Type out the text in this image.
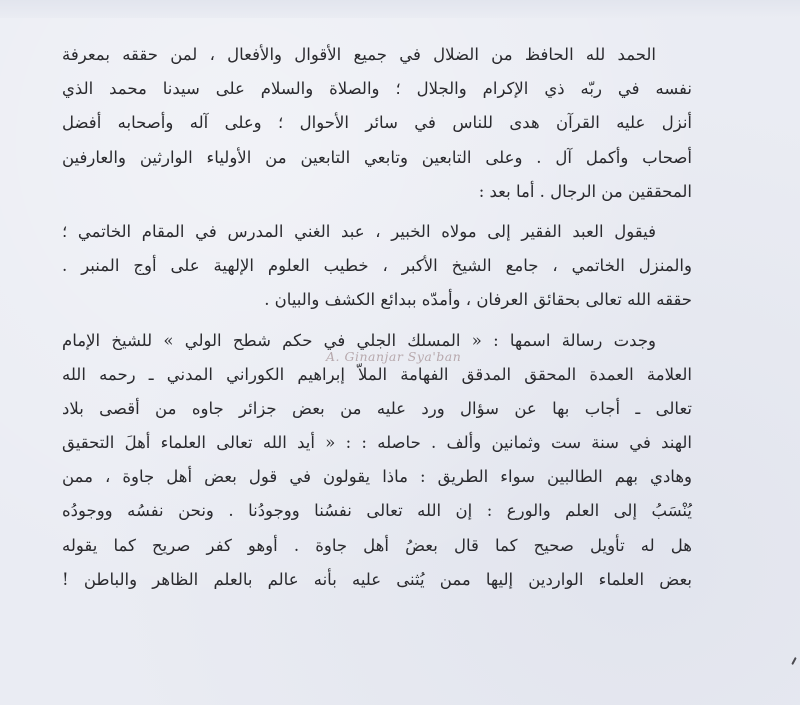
الحمد لله الحافظ من الضلال في جميع الأقوال والأفعال ، لمن حققه بمعرفة
نفسه في ربّه ذي الإكرام والجلال ؛ والصلاة والسلام على سيدنا محمد الذي
أنزل عليه القرآن هدى للناس في سائر الأحوال ؛ وعلى آله وأصحابه أفضل
أصحاب وأكمل آل . وعلى التابعين وتابعي التابعين من الأولياء الوارثين والعارفين
المحققين من الرجال . أما بعد :
فيقول العبد الفقير إلى مولاه الخبير ، عبد الغني المدرس في المقام الخاتمي ؛
والمنزل الخاتمي ، جامع الشيخ الأكبر ، خطيب العلوم الإلهية على أوج المنبر .
حققه الله تعالى بحقائق العرفان ، وأمدّه ببدائع الكشف والبيان .
وجدت رسالة اسمها : « المسلك الجلي في حكم شطح الولي » للشيخ الإمام
العلامة العمدة المحقق المدقق الفهامة الملاّ إبراهيم الكوراني المدني ـ رحمه الله
تعالى ـ أجاب بها عن سؤال ورد عليه من بعض جزائر جاوه من أقصى بلاد
الهند في سنة ست وثمانين وألف . حاصله : : « أيد الله تعالى العلماء أهلَ التحقيق
وهادي بهم الطالبين سواء الطريق : ماذا يقولون في قول بعض أهل جاوة ، ممن
يُنْسَبُ إلى العلم والورع : إن الله تعالى نفسُنا ووجودُنا . ونحن نفسُه ووجودُه
هل له تأويل صحيح كما قال بعضُ أهل جاوة . أوهو كفر صريح كما يقوله
بعض العلماء الواردين إليها ممن يُثنى عليه بأنه عالم بالعلم الظاهر والباطن !
A. Ginanjar Sya'ban
